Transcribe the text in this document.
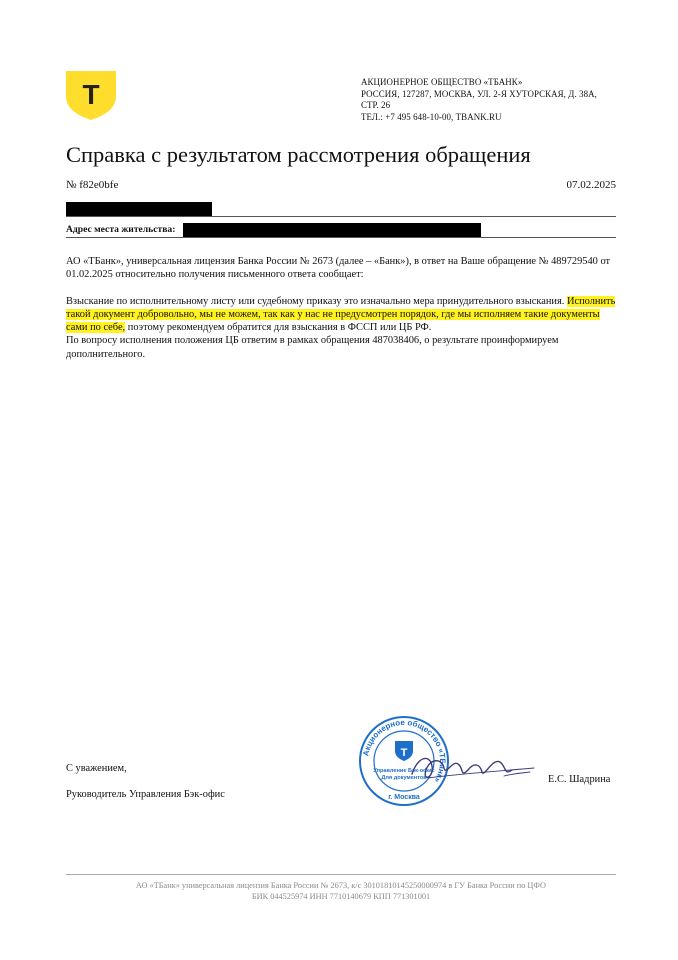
Т	АКЦИОНЕРНОЕ ОБЩЕСТВО «ТБАНК»
РОССИЯ, 127287, МОСКВА, УЛ. 2-Я ХУТОРСКАЯ, Д. 38А,
СТР. 26
ТЕЛ.: +7 495 648-10-00, TBANK.RU
Справка с результатом рассмотрения обращения
№ f82e0bfe	07.02.2025
Адрес места жительства:

АО «ТБанк», универсальная лицензия Банка России № 2673 (далее – «Банк»), в ответ на Ваше обращение № 489729540 от 01.02.2025 относительно получения письменного ответа сообщает:

Взыскание по исполнительному листу или судебному приказу это изначально мера принудительного взыскания. Исполнить такой документ добровольно, мы не можем, так как у нас не предусмотрен порядок, где мы исполняем такие документы сами по себе, поэтому рекомендуем обратится для взыскания в ФССП или ЦБ РФ.

По вопросу исполнения положения ЦБ ответим в рамках обращения 487038406, о результате проинформируем дополнительного.

С уважением,
Руководитель Управления Бэк-офис
Е.С. Шадрина
Акционерное общество «ТБанк»
Т
Управление Бэк-офис
Для документов
г. Москва
АО «ТБанк» универсальная лицензия Банка России № 2673, к/с 30101810145250000974 в ГУ Банка России по ЦФО
БИК 044525974 ИНН 7710140679 КПП 771301001
